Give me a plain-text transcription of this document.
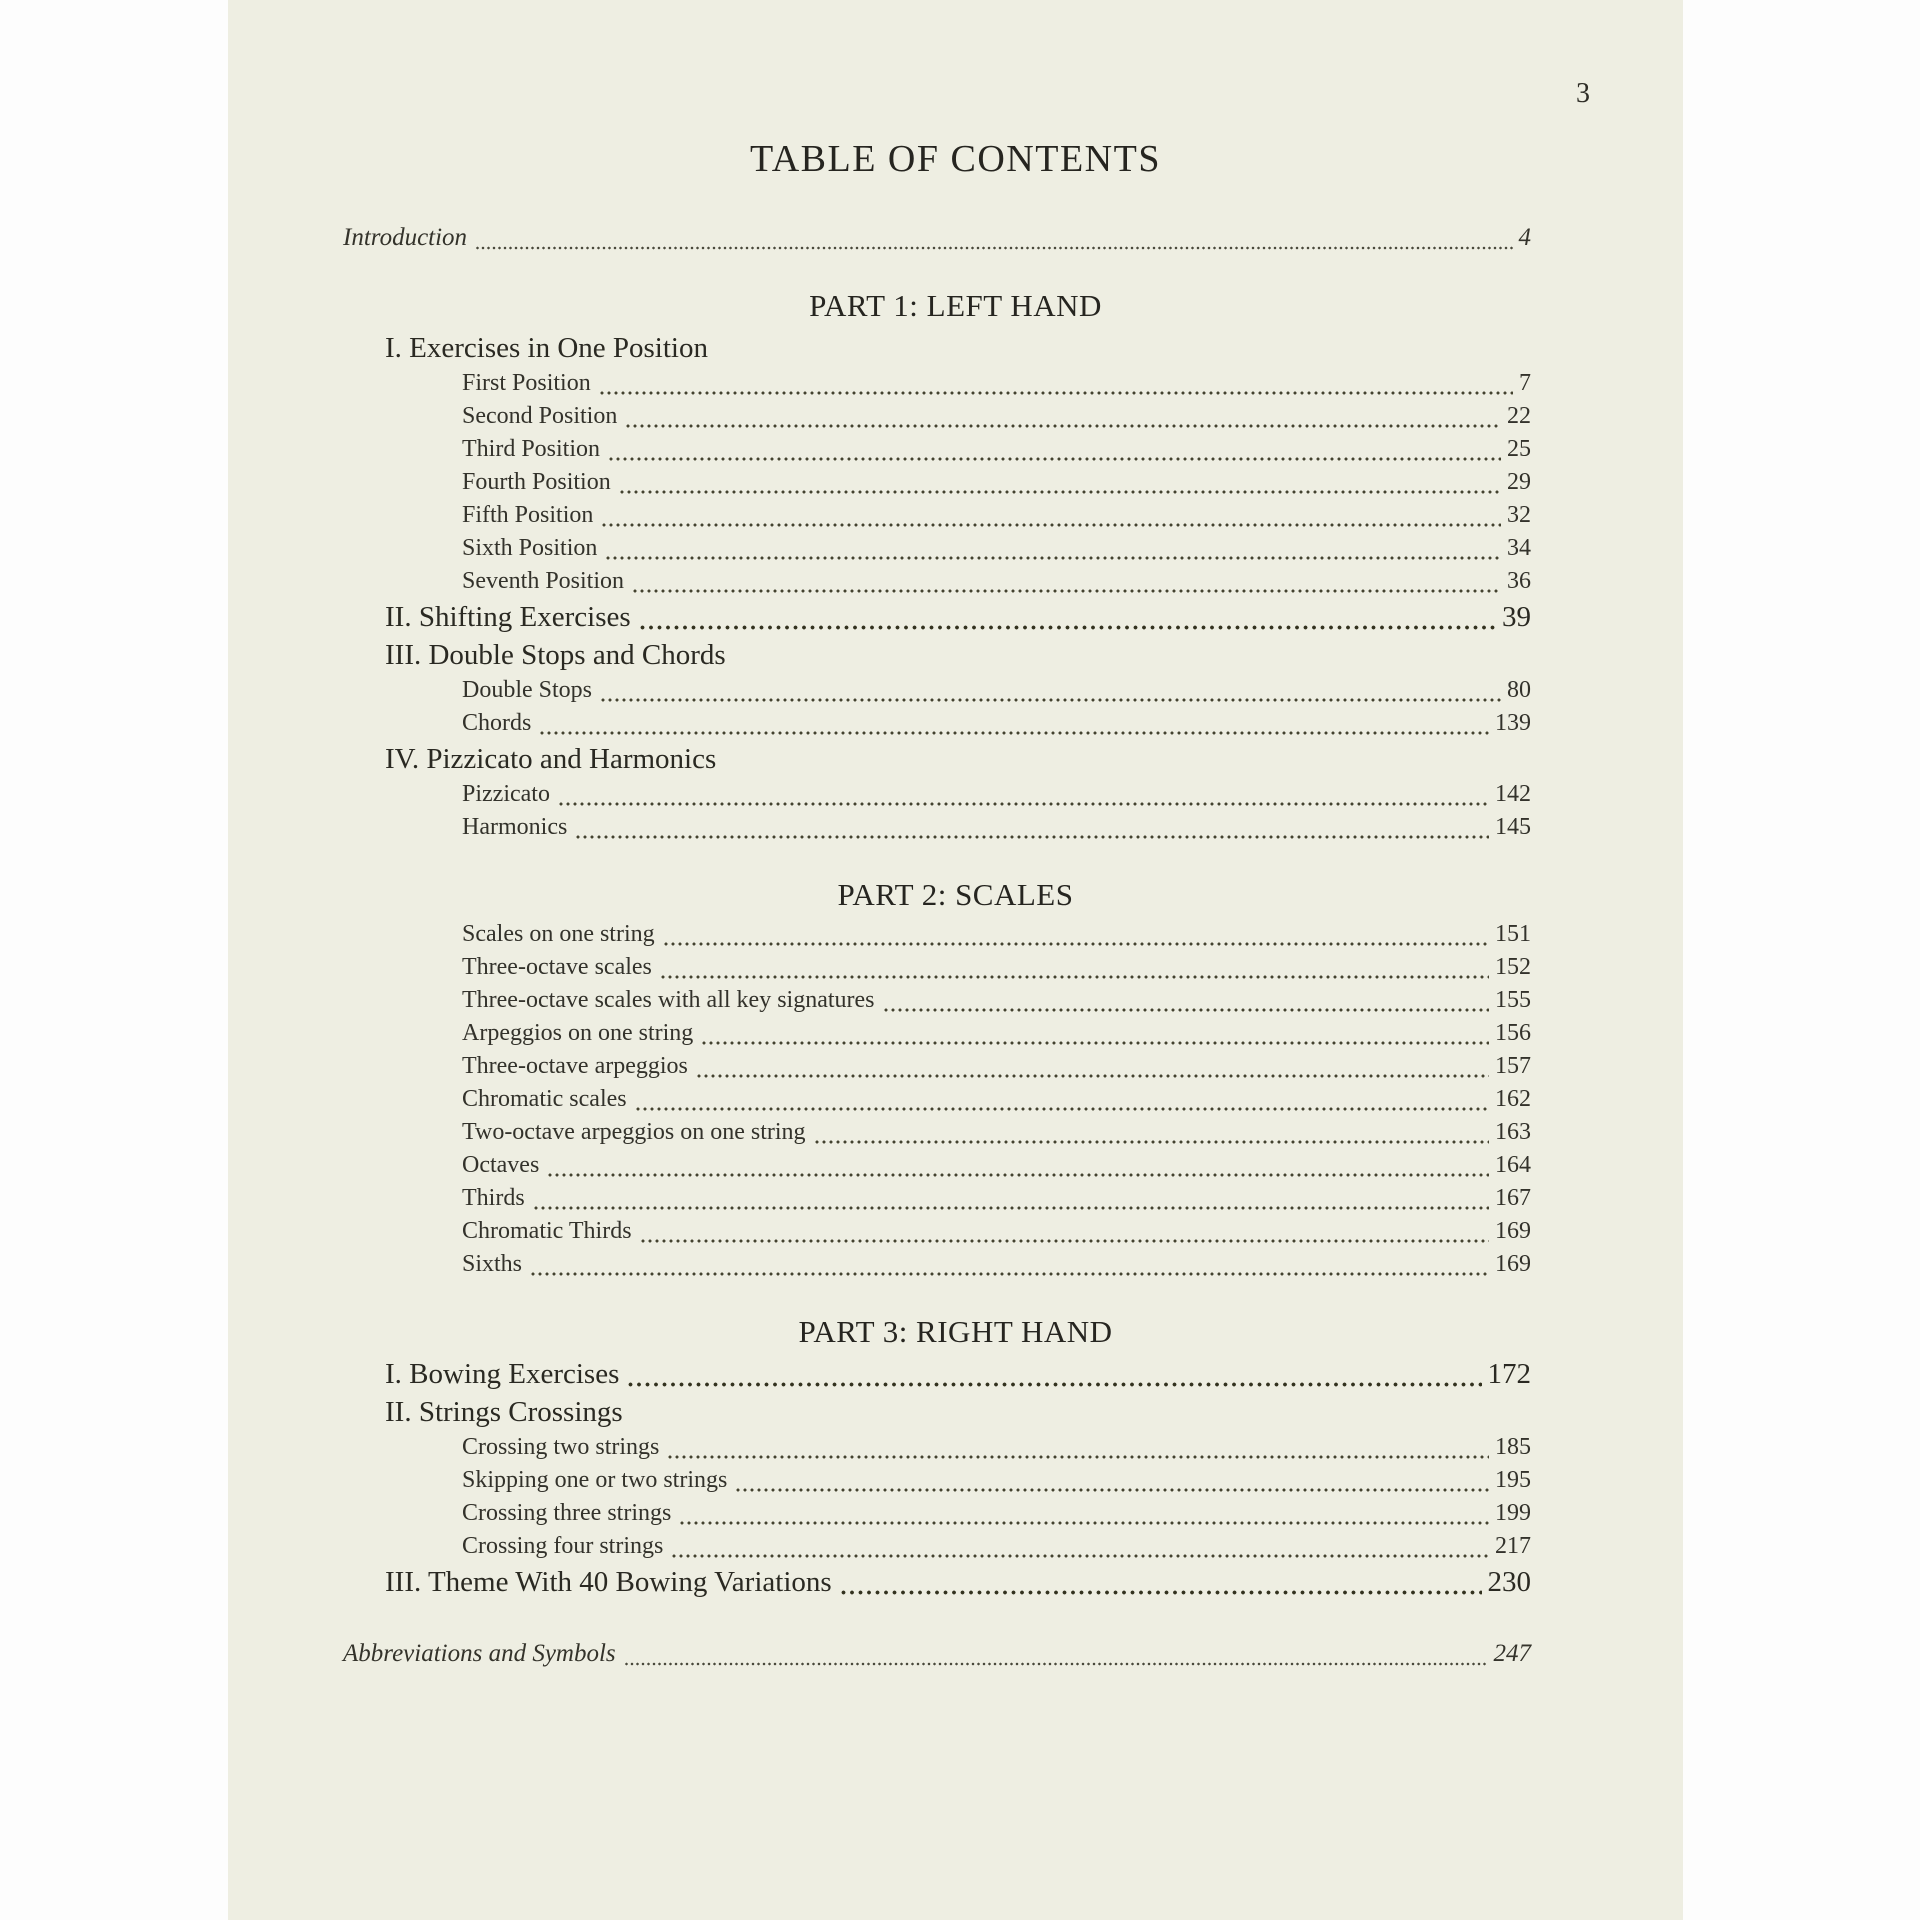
3
TABLE OF CONTENTS
Introduction	4
PART 1: LEFT HAND
I. Exercises in One Position
First Position	7
Second Position	22
Third Position	25
Fourth Position	29
Fifth Position	32
Sixth Position	34
Seventh Position	36
II. Shifting Exercises	39
III. Double Stops and Chords
Double Stops	80
Chords	139
IV. Pizzicato and Harmonics
Pizzicato	142
Harmonics	145
PART 2: SCALES
Scales on one string	151
Three-octave scales	152
Three-octave scales with all key signatures	155
Arpeggios on one string	156
Three-octave arpeggios	157
Chromatic scales	162
Two-octave arpeggios on one string	163
Octaves	164
Thirds	167
Chromatic Thirds	169
Sixths	169
PART 3: RIGHT HAND
I. Bowing Exercises	172
II. Strings Crossings
Crossing two strings	185
Skipping one or two strings	195
Crossing three strings	199
Crossing four strings	217
III. Theme With 40 Bowing Variations	230
Abbreviations and Symbols	247
